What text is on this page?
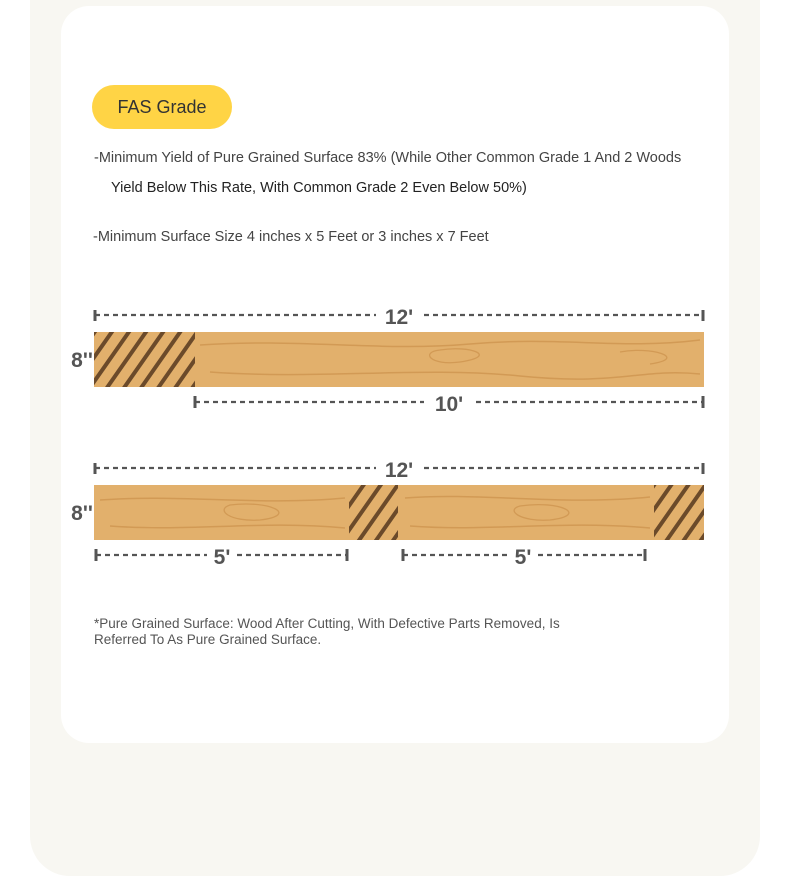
FAS Grade
-Minimum Yield of Pure Grained Surface 83% (While Other Common Grade 1 And 2 Woods
Yield Below This Rate, With Common Grade 2 Even Below 50%)
-Minimum Surface Size 4 inches x 5 Feet or 3 inches x 7 Feet
12'
8''
10'
12'
8''
5'	5'
*Pure Grained Surface: Wood After Cutting, With Defective Parts Removed, Is
Referred To As Pure Grained Surface.
